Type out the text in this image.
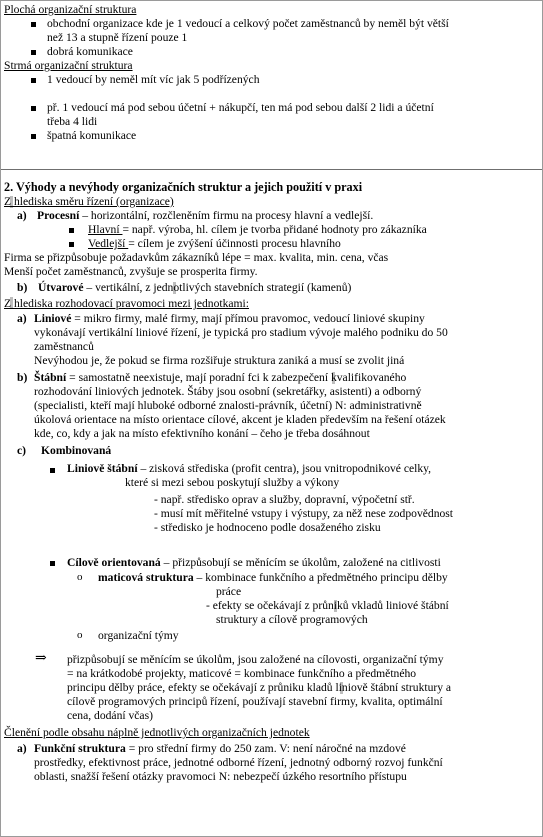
Plochá organizační struktura
obchodní organizace kde je 1 vedoucí a celkový počet zaměstnanců by neměl být větší
než 13 a stupně řízení pouze 1
dobrá komunikace
Strmá organizační struktura
1 vedoucí by neměl mít víc jak 5 podřízených
př. 1 vedoucí má pod sebou účetní + nákupčí, ten má pod sebou další 2 lidi a účetní
třeba 4 lidi
špatná komunikace
2. Výhody a nevýhody organizačních struktur a jejich použití v praxi
Z hlediska směru řízení (organizace)
a) Procesní – horizontální, rozčleněním firmu na procesy hlavní a vedlejší.
Hlavní = např. výroba, hl. cílem je tvorba přidané hodnoty pro zákazníka
Vedlejší = cílem je zvýšení účinnosti procesu hlavního
Firma se přizpůsobuje požadavkům zákazníků lépe = max. kvalita, min. cena, včas
Menší počet zaměstnanců, zvyšuje se prosperita firmy.
b) Útvarové – vertikální, z jednotlivých stavebních strategií (kamenů)
Z hlediska rozhodovací pravomoci mezi jednotkami:
a) Liniové = mikro firmy, malé firmy, mají přímou pravomoc, vedoucí liniové skupiny
vykonávají vertikální liniové řízení, je typická pro stadium vývoje malého podniku do 50
zaměstnanců
Nevýhodou je, že pokud se firma rozšiřuje struktura zaniká a musí se zvolit jiná
b) Štábní = samostatně neexistuje, mají poradní fci k zabezpečení kvalifikovaného
rozhodování liniových jednotek. Štáby jsou osobní (sekretářky, asistenti) a odborný
(specialisti, kteří mají hluboké odborné znalosti-právník, účetní) N: administrativně
úkolová orientace na místo orientace cílové, akcent je kladen především na řešení otázek
kde, co, kdy a jak na místo efektivního konání – čeho je třeba dosáhnout
c) Kombinovaná
Liniově štábní – zisková střediska (profit centra), jsou vnitropodnikové celky,
které si mezi sebou poskytují služby a výkony
- např. středisko oprav a služby, dopravní, výpočetní stř.
- musí mít měřitelné vstupy i výstupy, za něž nese zodpovědnost
- středisko je hodnoceno podle dosaženého zisku
Cílově orientovaná – přizpůsobují se měnícím se úkolům, založené na citlivosti
o maticová struktura – kombinace funkčního a předmětného principu dělby
práce
- efekty se očekávají z průniků vkladů liniové štábní
struktury a cílově programových
o organizační týmy
⇒ přizpůsobují se měnícím se úkolům, jsou založené na cílovosti, organizační týmy
= na krátkodobé projekty, maticové = kombinace funkčního a předmětného
principu dělby práce, efekty se očekávají z průniku kladů liniově štábní struktury a
cílově programových principů řízení, používají stavební firmy, kvalita, optimální
cena, dodání včas)
Členění podle obsahu náplně jednotlivých organizačních jednotek
a) Funkční struktura = pro střední firmy do 250 zam. V: není náročné na mzdové
prostředky, efektivnost práce, jednotné odborné řízení, jednotný odborný rozvoj funkční
oblasti, snažší řešení otázky pravomoci N: nebezpečí úzkého resortního přístupu
